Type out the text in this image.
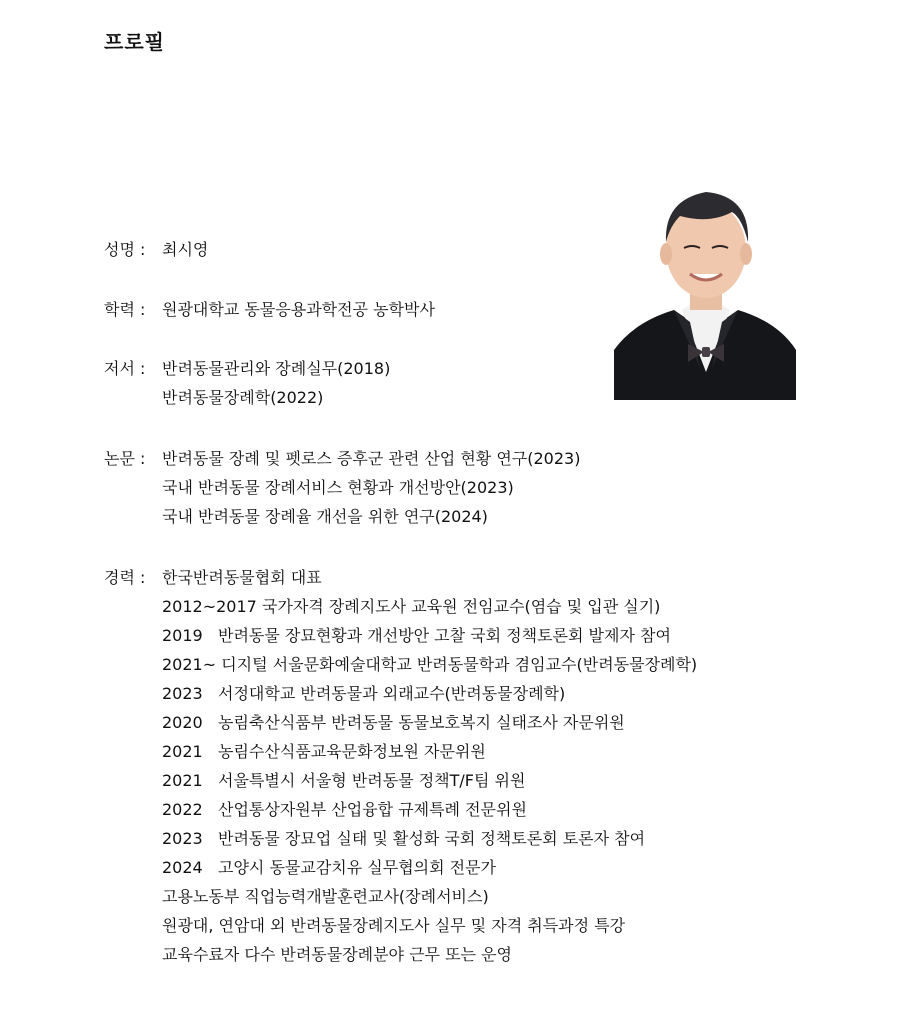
프로필
성명 : 최시영
학력 : 원광대학교 동물응용과학전공 농학박사
저서 : 반려동물관리와 장례실무(2018)
반려동물장례학(2022)
논문 : 반려동물 장례 및 펫로스 증후군 관련 산업 현황 연구(2023)
국내 반려동물 장례서비스 현황과 개선방안(2023)
국내 반려동물 장례율 개선을 위한 연구(2024)
경력 : 한국반려동물협회 대표
2012~2017 국가자격 장례지도사 교육원 전임교수(염습 및 입관 실기)
2019 반려동물 장묘현황과 개선방안 고찰 국회 정책토론회 발제자 참여
2021~ 디지털 서울문화예술대학교 반려동물학과 겸임교수(반려동물장례학)
2023 서정대학교 반려동물과 외래교수(반려동물장례학)
2020 농림축산식품부 반려동물 동물보호복지 실태조사 자문위원
2021 농림수산식품교육문화정보원 자문위원
2021 서울특별시 서울형 반려동물 정책T/F팀 위원
2022 산업통상자원부 산업융합 규제특례 전문위원
2023 반려동물 장묘업 실태 및 활성화 국회 정책토론회 토론자 참여
2024 고양시 동물교감치유 실무협의회 전문가
고용노동부 직업능력개발훈련교사(장례서비스)
원광대, 연암대 외 반려동물장례지도사 실무 및 자격 취득과정 특강
교육수료자 다수 반려동물장례분야 근무 또는 운영
